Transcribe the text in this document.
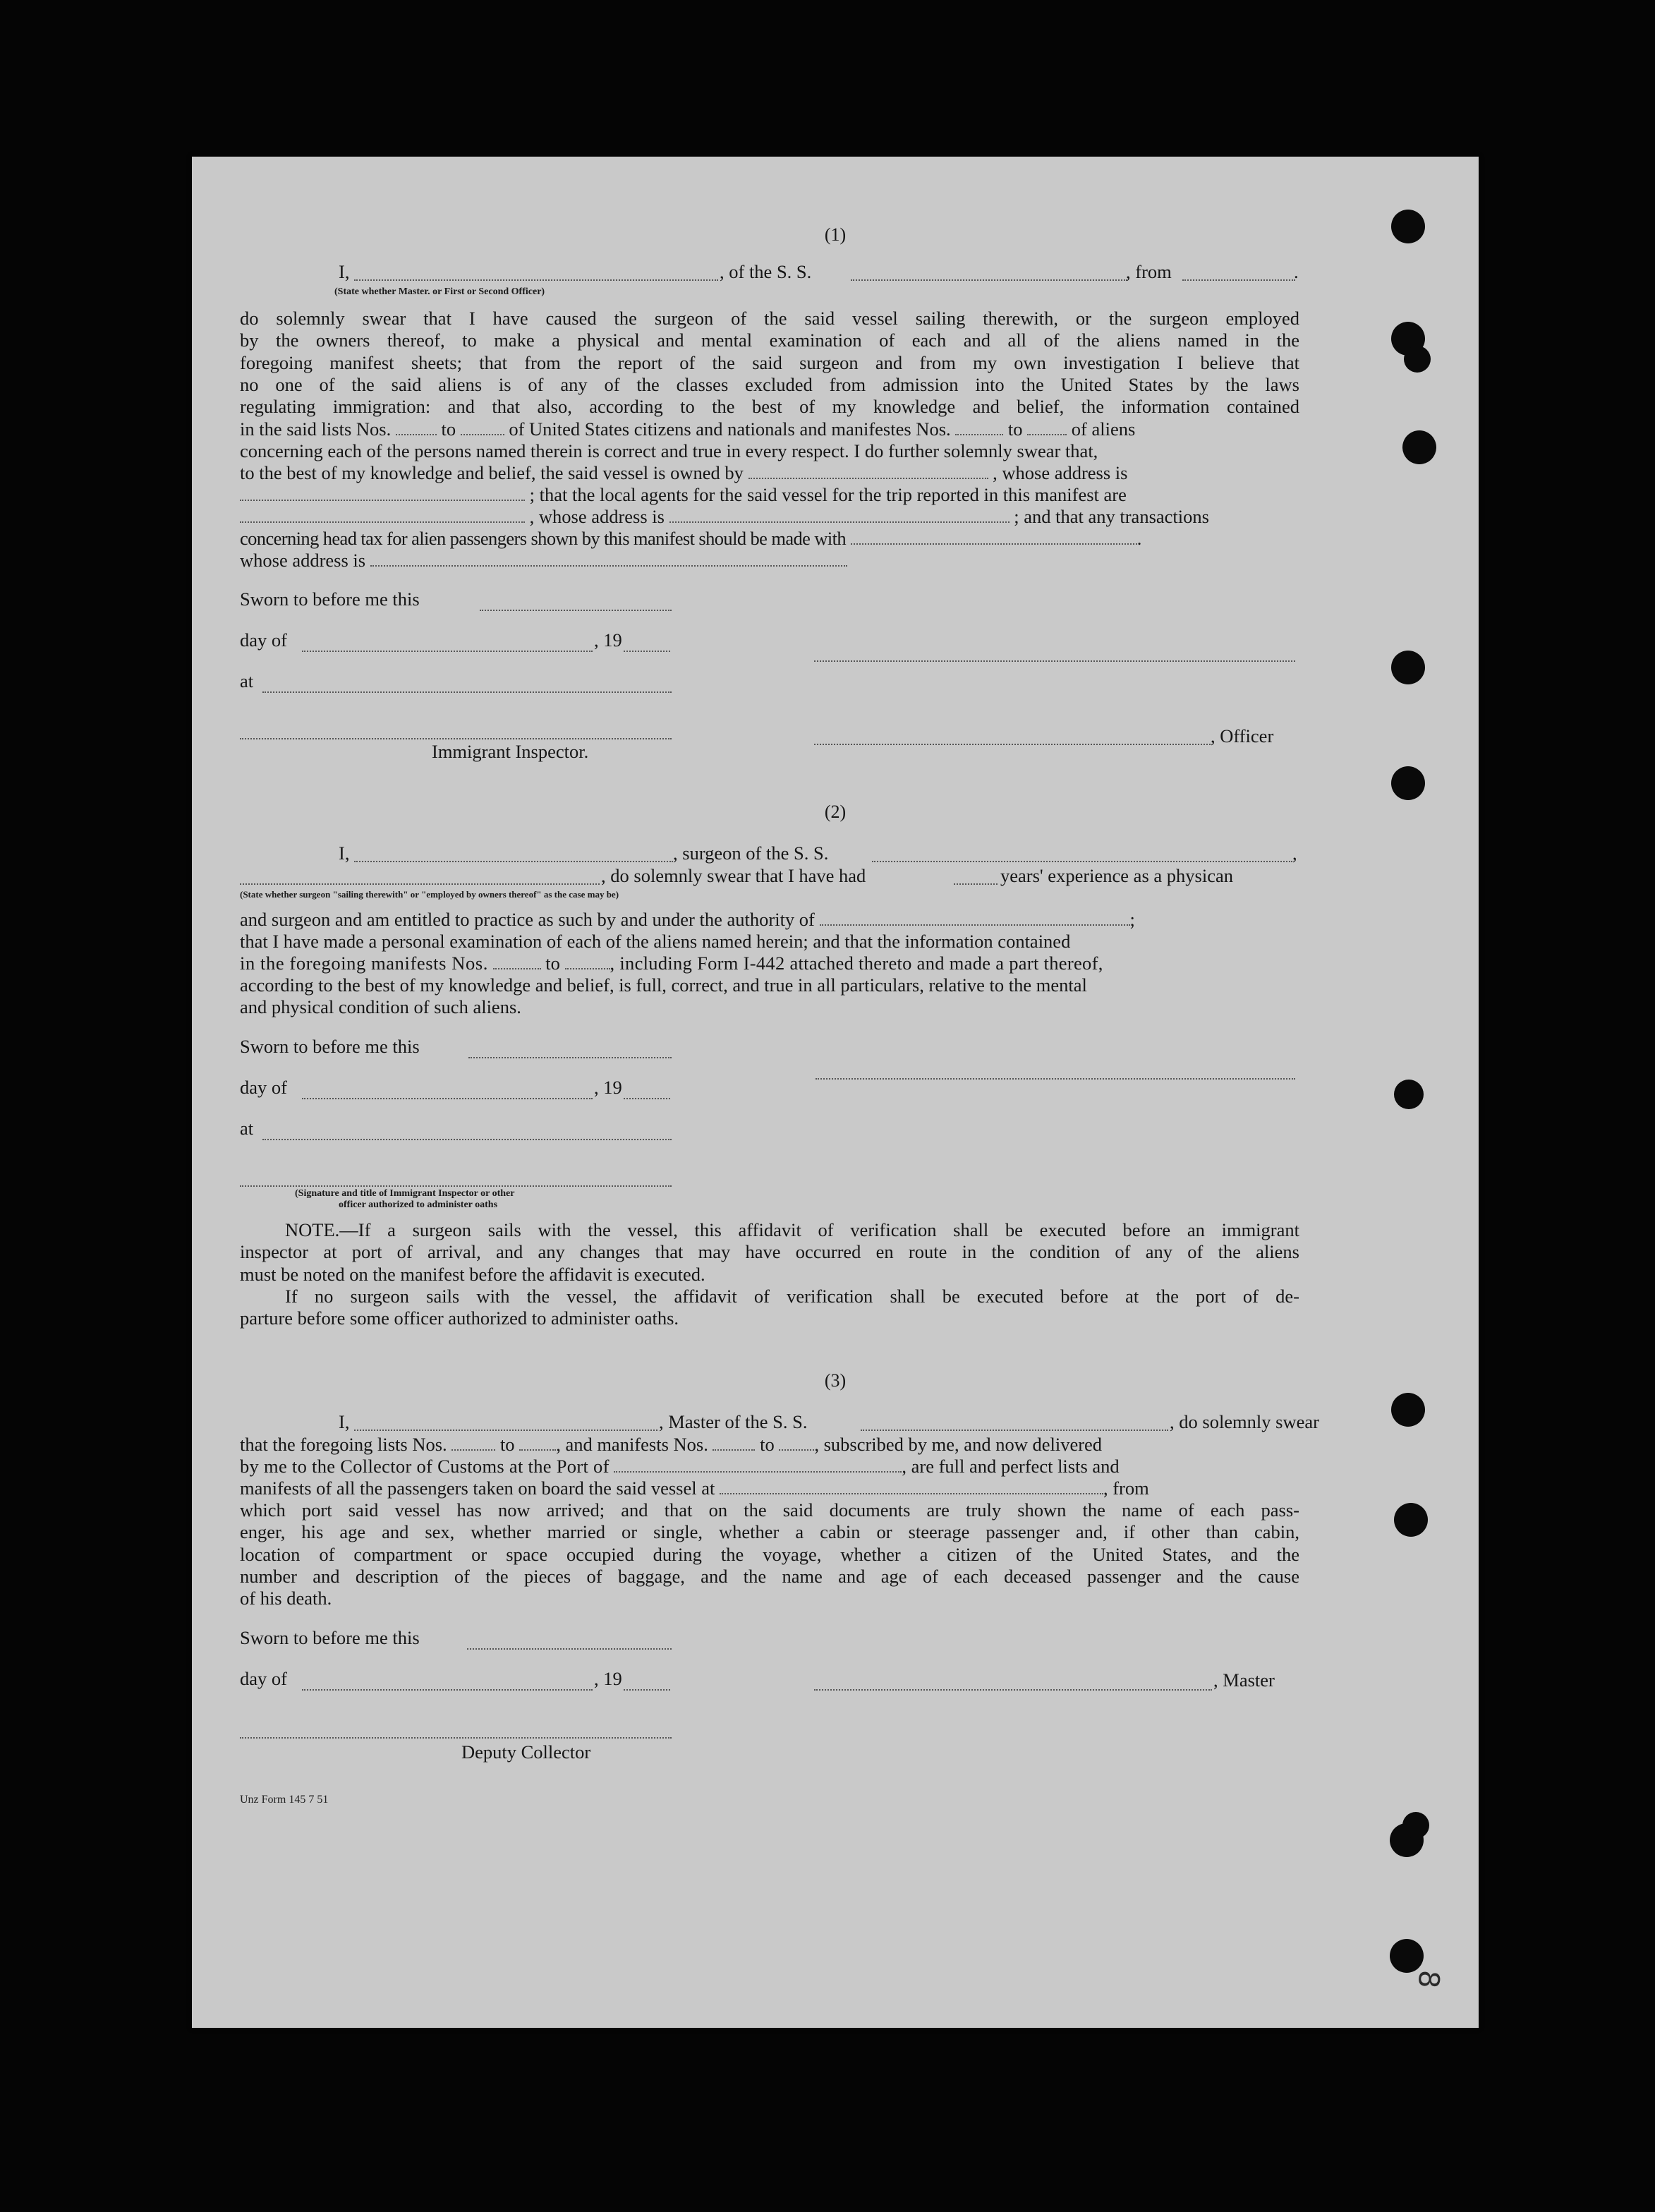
(1)
I,	, of the S. S.	, from	.
(State whether Master. or First or Second Officer)
do solemnly swear that I have caused the surgeon of the said vessel sailing therewith, or the surgeon employed
by the owners thereof, to make a physical and mental examination of each and all of the aliens named in the
foregoing manifest sheets; that from the report of the said surgeon and from my own investigation I believe that
no one of the said aliens is of any of the classes excluded from admission into the United States by the laws
regulating immigration: and that also, according to the best of my knowledge and belief, the information contained
in the said lists Nos.	to	of United States citizens and nationals and manifestes Nos.	to	of aliens
concerning each of the persons named therein is correct and true in every respect. I do further solemnly swear that,
to the best of my knowledge and belief, the said vessel is owned by	, whose address is
; that the local agents for the said vessel for the trip reported in this manifest are
, whose address is	; and that any transactions
concerning head tax for alien passengers shown by this manifest should be made with	.
whose address is
Sworn to before me this
day of	, 19
at
, Officer
Immigrant Inspector.
(2)
I,	, surgeon of the S. S.	,
, do solemnly swear that I have had	years' experience as a physican
(State whether surgeon "sailing therewith" or "employed by owners thereof" as the case may be)
and surgeon and am entitled to practice as such by and under the authority of	;
that I have made a personal examination of each of the aliens named herein; and that the information contained
in the foregoing manifests Nos.	to	, including Form I-442 attached thereto and made a part thereof,
according to the best of my knowledge and belief, is full, correct, and true in all particulars, relative to the mental
and physical condition of such aliens.
Sworn to before me this
day of	, 19
at
(Signature and title of Immigrant Inspector or other
officer authorized to administer oaths
NOTE.—If a surgeon sails with the vessel, this affidavit of verification shall be executed before an immigrant
inspector at port of arrival, and any changes that may have occurred en route in the condition of any of the aliens
must be noted on the manifest before the affidavit is executed.
If no surgeon sails with the vessel, the affidavit of verification shall be executed before at the port of de-
parture before some officer authorized to administer oaths.
(3)
I,	, Master of the S. S.	, do solemnly swear
that the foregoing lists Nos.	to , and manifests Nos.	to , subscribed by me, and now delivered
by me to the Collector of Customs at the Port of	, are full and perfect lists and
manifests of all the passengers taken on board the said vessel at	, from
which port said vessel has now arrived; and that on the said documents are truly shown the name of each pass-
enger, his age and sex, whether married or single, whether a cabin or steerage passenger and, if other than cabin,
location of compartment or space occupied during the voyage, whether a citizen of the United States, and the
number and description of the pieces of baggage, and the name and age of each deceased passenger and the cause
of his death.
Sworn to before me this
day of	, 19	, Master
Deputy Collector
Unz Form 145 7 51
8
